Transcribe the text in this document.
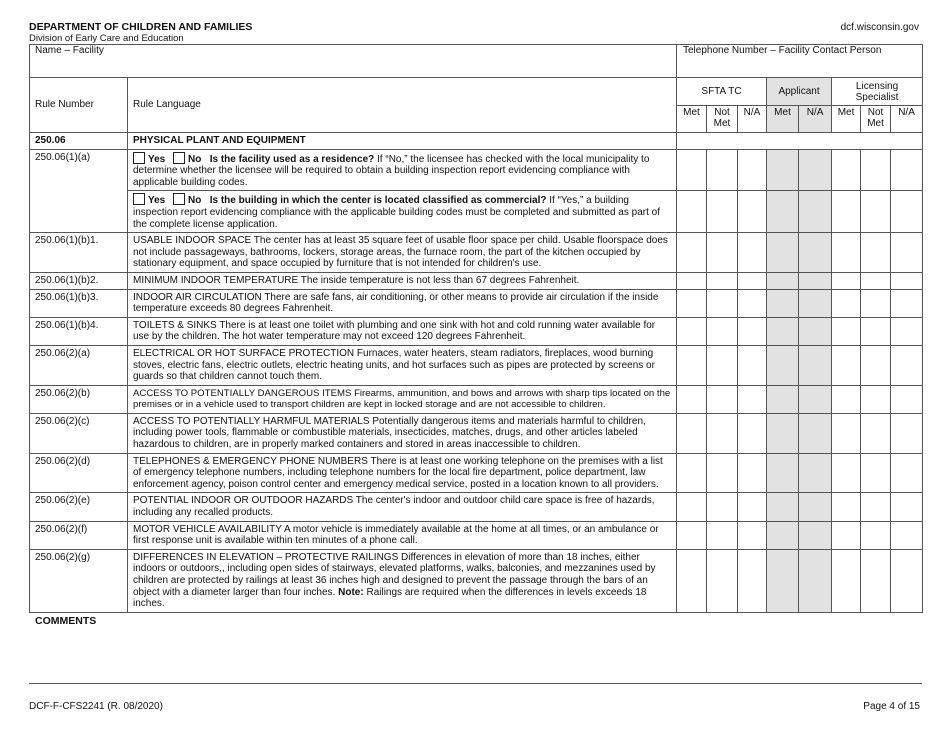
DEPARTMENT OF CHILDREN AND FAMILIES
Division of Early Care and Education
dcf.wisconsin.gov
Name – Facility	Telephone Number – Facility Contact Person
Rule Number	Rule Language	SFTA TC			Applicant		Licensing Specialist		
		Met	Not Met	N/A	Met	N/A	Met	Not Met	N/A
250.06	PHYSICAL PLANT AND EQUIPMENT								
250.06(1)(a)	Yes No Is the facility used as a residence? If “No,” the licensee has checked with the local municipality to determine whether the licensee will be required to obtain a building inspection report evidencing compliance with applicable building codes.								
	Yes No Is the building in which the center is located classified as commercial? If “Yes,” a building inspection report evidencing compliance with the applicable building codes must be completed and submitted as part of the complete license application.								
250.06(1)(b)1.	USABLE INDOOR SPACE The center has at least 35 square feet of usable floor space per child. Usable floorspace does not include passageways, bathrooms, lockers, storage areas, the furnace room, the part of the kitchen occupied by stationary equipment, and space occupied by furniture that is not intended for children's use.								
250.06(1)(b)2.	MINIMUM INDOOR TEMPERATURE The inside temperature is not less than 67 degrees Fahrenheit.								
250.06(1)(b)3.	INDOOR AIR CIRCULATION There are safe fans, air conditioning, or other means to provide air circulation if the inside temperature exceeds 80 degrees Fahrenheit.								
250.06(1)(b)4.	TOILETS & SINKS There is at least one toilet with plumbing and one sink with hot and cold running water available for use by the children. The hot water temperature may not exceed 120 degrees Fahrenheit.								
250.06(2)(a)	ELECTRICAL OR HOT SURFACE PROTECTION Furnaces, water heaters, steam radiators, fireplaces, wood burning stoves, electric fans, electric outlets, electric heating units, and hot surfaces such as pipes are protected by screens or guards so that children cannot touch them.								
250.06(2)(b)	ACCESS TO POTENTIALLY DANGEROUS ITEMS Firearms, ammunition, and bows and arrows with sharp tips located on the premises or in a vehicle used to transport children are kept in locked storage and are not accessible to children.								
250.06(2)(c)	ACCESS TO POTENTIALLY HARMFUL MATERIALS Potentially dangerous items and materials harmful to children, including power tools, flammable or combustible materials, insecticides, matches, drugs, and other articles labeled hazardous to children, are in properly marked containers and stored in areas inaccessible to children.								
250.06(2)(d)	TELEPHONES & EMERGENCY PHONE NUMBERS There is at least one working telephone on the premises with a list of emergency telephone numbers, including telephone numbers for the local fire department, police department, law enforcement agency, poison control center and emergency medical service, posted in a location known to all providers.								
250.06(2)(e)	POTENTIAL INDOOR OR OUTDOOR HAZARDS The center's indoor and outdoor child care space is free of hazards, including any recalled products.								
250.06(2)(f)	MOTOR VEHICLE AVAILABILITY A motor vehicle is immediately available at the home at all times, or an ambulance or first response unit is available within ten minutes of a phone call.								
250.06(2)(g)	DIFFERENCES IN ELEVATION – PROTECTIVE RAILINGS Differences in elevation of more than 18 inches, either indoors or outdoors,, including open sides of stairways, elevated platforms, walks, balconies, and mezzanines used by children are protected by railings at least 36 inches high and designed to prevent the passage through the bars of an object with a diameter larger than four inches. Note: Railings are required when the differences in levels exceeds 18 inches.								
COMMENTS
DCF-F-CFS2241 (R. 08/2020)	Page 4 of 15
